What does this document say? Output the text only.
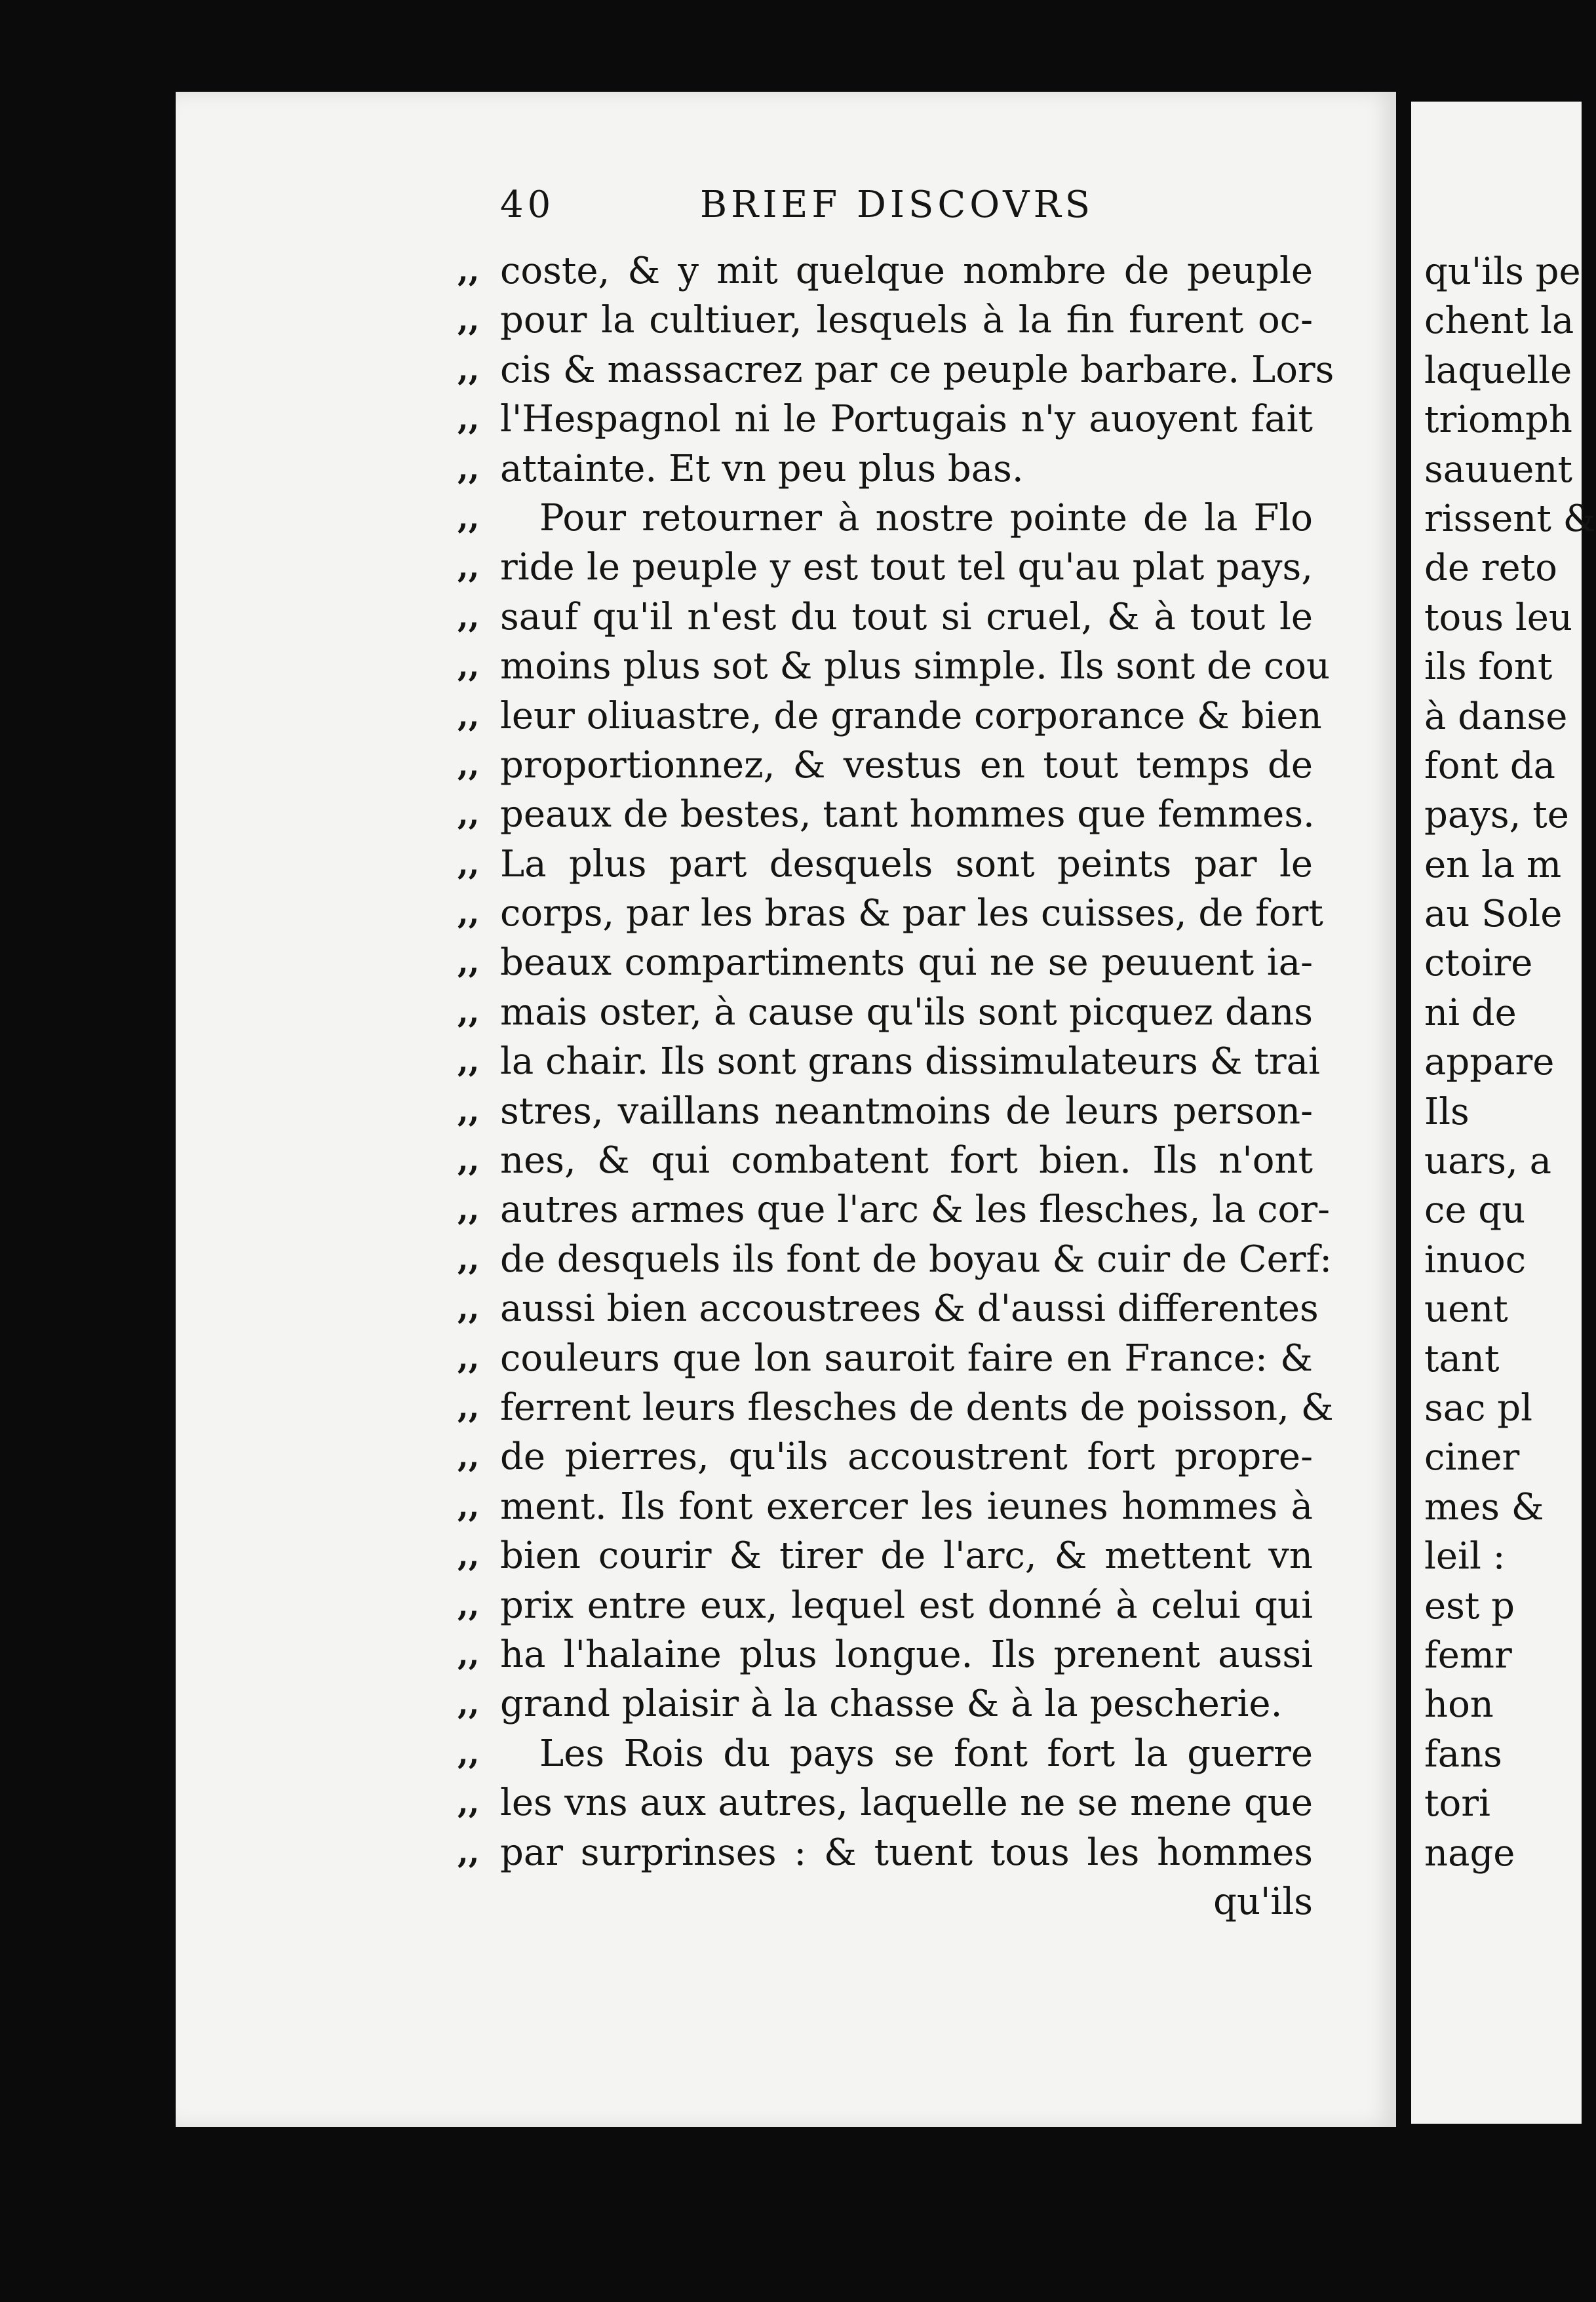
40	BRIEF DISCOVRS
,, coste, & y mit quelque nombre de peuple
,, pour la cultiuer, lesquels à la fin furent oc-
,, cis & massacrez par ce peuple barbare. Lors
,, l'Hespagnol ni le Portugais n'y auoyent fait
,, attainte. Et vn peu plus bas.
,, Pour retourner à nostre pointe de la Flo
,, ride le peuple y est tout tel qu'au plat pays,
,, sauf qu'il n'est du tout si cruel, & à tout le
,, moins plus sot & plus simple. Ils sont de cou
,, leur oliuastre, de grande corporance & bien
,, proportionnez, & vestus en tout temps de
,, peaux de bestes, tant hommes que femmes.
,, La plus part desquels sont peints par le
,, corps, par les bras & par les cuisses, de fort
,, beaux compartiments qui ne se peuuent ia-
,, mais oster, à cause qu'ils sont picquez dans
,, la chair. Ils sont grans dissimulateurs & trai
,, stres, vaillans neantmoins de leurs person-
,, nes, & qui combatent fort bien. Ils n'ont
,, autres armes que l'arc & les flesches, la cor-
,, de desquels ils font de boyau & cuir de Cerf:
,, aussi bien accoustrees & d'aussi differentes
,, couleurs que lon sauroit faire en France: &
,, ferrent leurs flesches de dents de poisson, &
,, de pierres, qu'ils accoustrent fort propre-
,, ment. Ils font exercer les ieunes hommes à
,, bien courir & tirer de l'arc, & mettent vn
,, prix entre eux, lequel est donné à celui qui
,, ha l'halaine plus longue. Ils prenent aussi
,, grand plaisir à la chasse & à la pescherie.
,, Les Rois du pays se font fort la guerre
,, les vns aux autres, laquelle ne se mene que
,, par surprinses : & tuent tous les hommes
qu'ils
qu'ils pe
chent la
laquelle
triomph
sauuent
rissent &
de reto
tous leu
ils font
à danse
font da
pays, te
en la m
au Sole
ctoire
ni de
appare
Ils
uars, a
ce qu
inuoc
uent
tant
sac pl
ciner
mes &
leil :
est p
femr
hon
fans
tori
nage
